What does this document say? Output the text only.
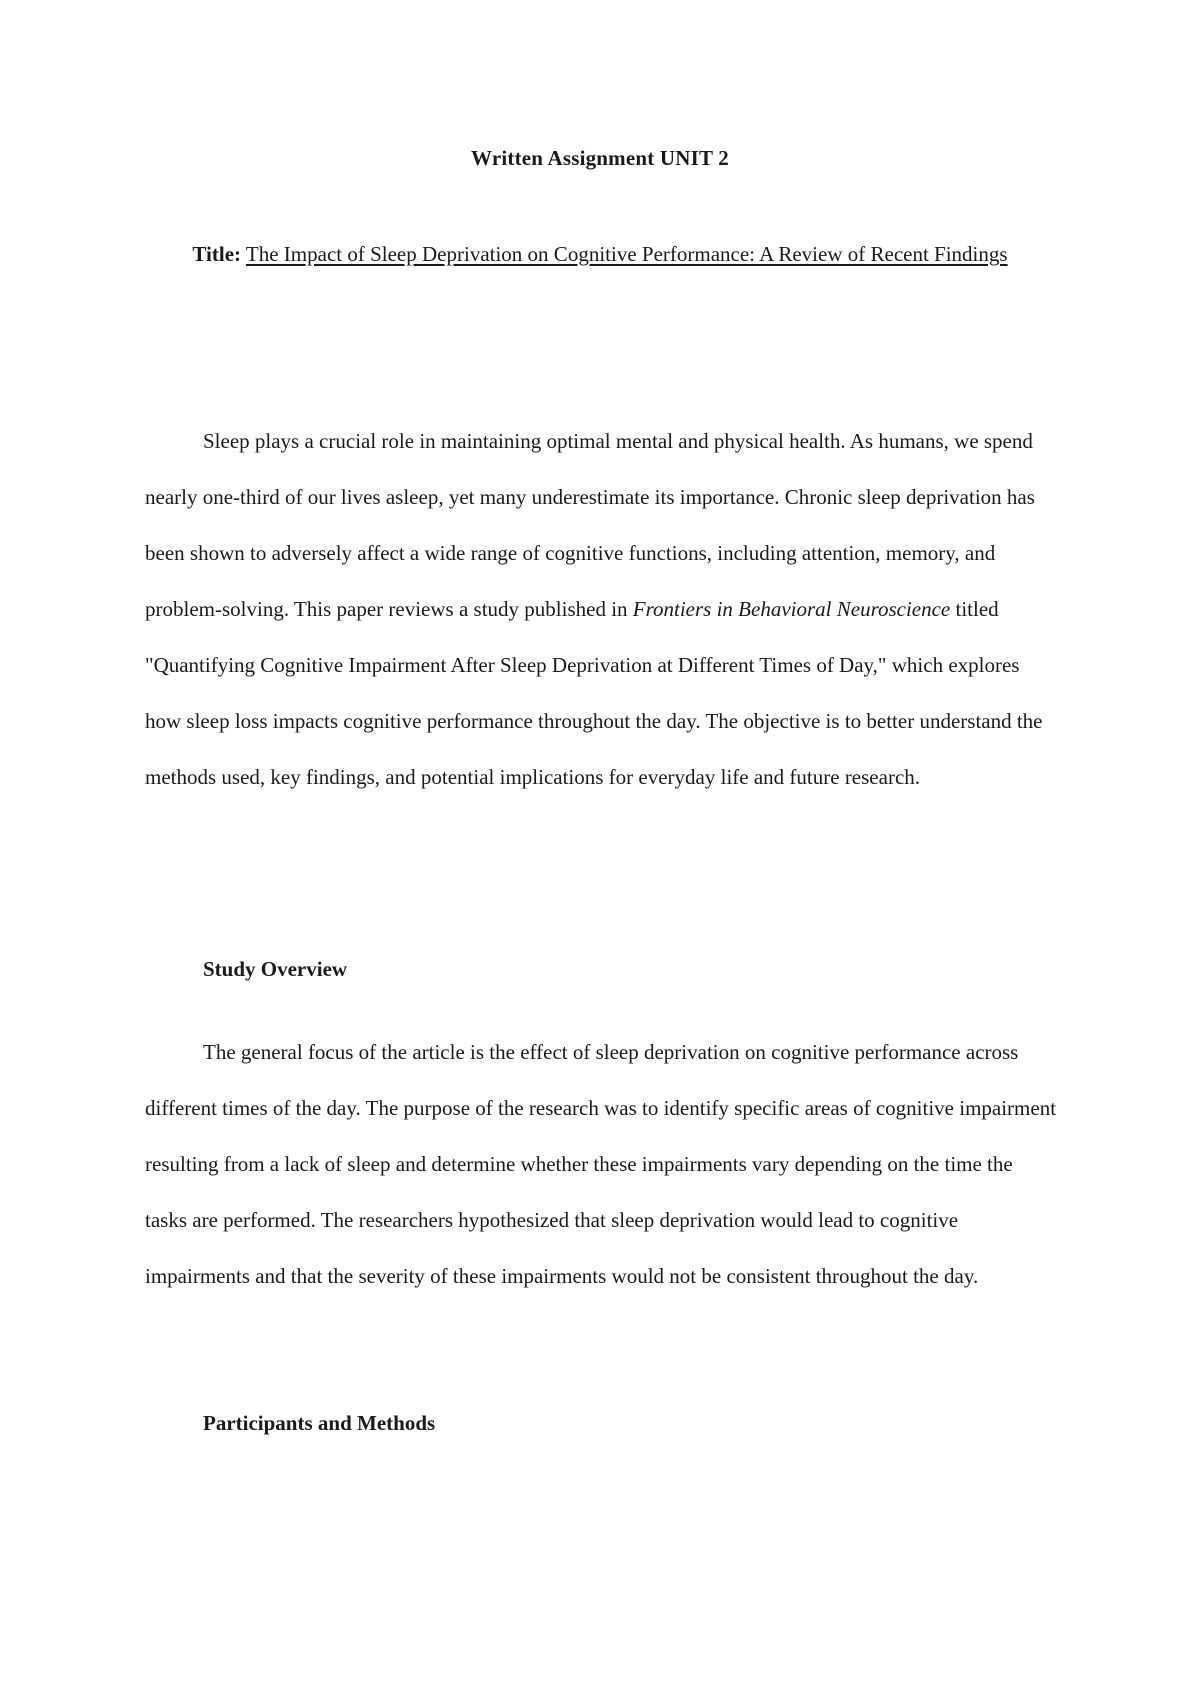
Written Assignment UNIT 2
Title: The Impact of Sleep Deprivation on Cognitive Performance: A Review of Recent Findings

Sleep plays a crucial role in maintaining optimal mental and physical health. As humans, we spend nearly one-third of our lives asleep, yet many underestimate its importance. Chronic sleep deprivation has been shown to adversely affect a wide range of cognitive functions, including attention, memory, and problem-solving. This paper reviews a study published in Frontiers in Behavioral Neuroscience titled "Quantifying Cognitive Impairment After Sleep Deprivation at Different Times of Day," which explores how sleep loss impacts cognitive performance throughout the day. The objective is to better understand the methods used, key findings, and potential implications for everyday life and future research.

Study Overview

The general focus of the article is the effect of sleep deprivation on cognitive performance across different times of the day. The purpose of the research was to identify specific areas of cognitive impairment resulting from a lack of sleep and determine whether these impairments vary depending on the time the tasks are performed. The researchers hypothesized that sleep deprivation would lead to cognitive impairments and that the severity of these impairments would not be consistent throughout the day.

Participants and Methods
